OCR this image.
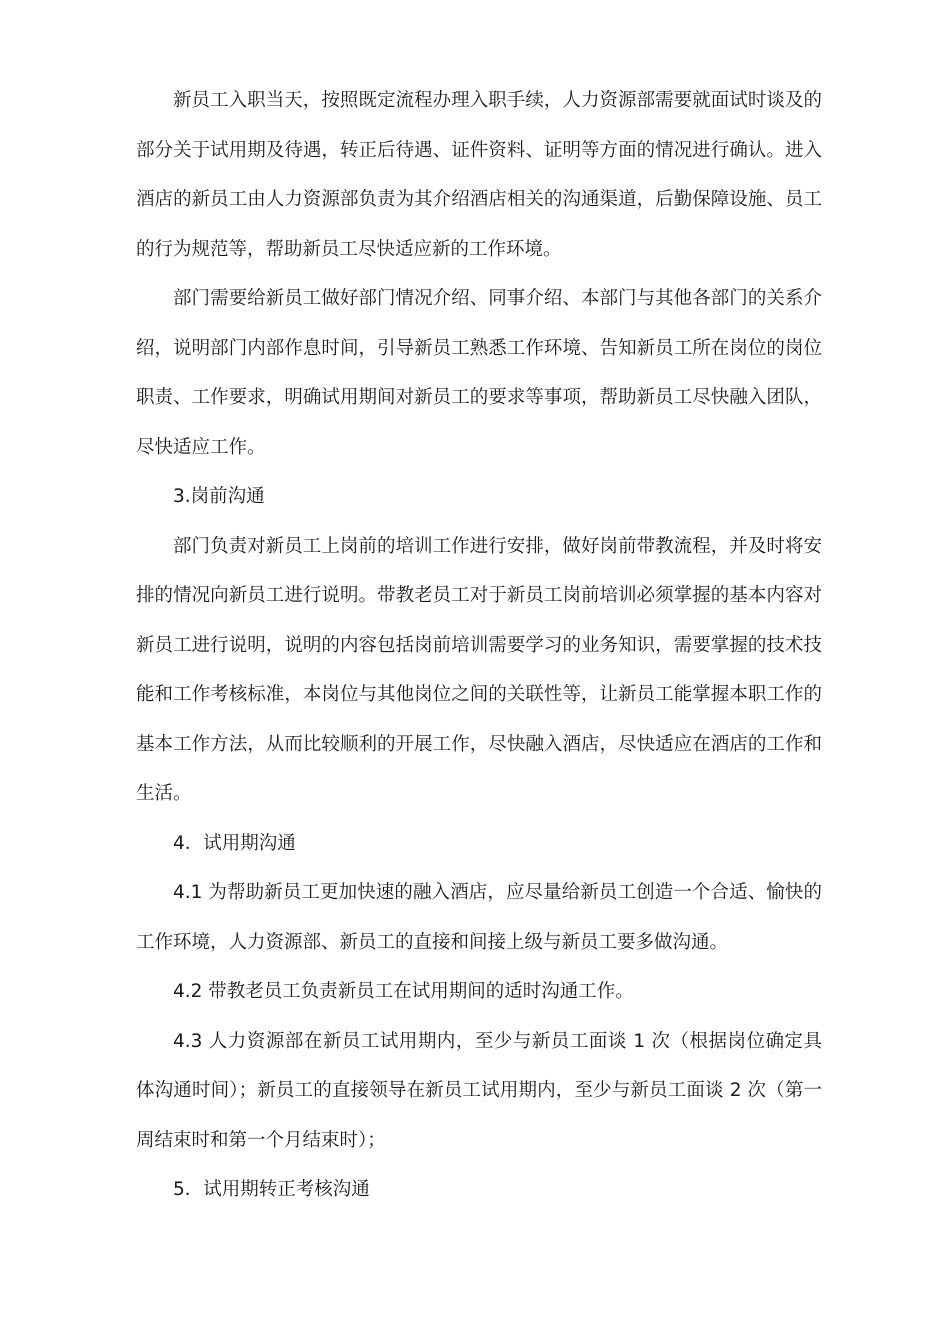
新员工入职当天，按照既定流程办理入职手续，人力资源部需要就面试时谈及的部分关于试用期及待遇，转正后待遇、证件资料、证明等方面的情况进行确认。进入酒店的新员工由人力资源部负责为其介绍酒店相关的沟通渠道，后勤保障设施、员工的行为规范等，帮助新员工尽快适应新的工作环境。

部门需要给新员工做好部门情况介绍、同事介绍、本部门与其他各部门的关系介绍，说明部门内部作息时间，引导新员工熟悉工作环境、告知新员工所在岗位的岗位职责、工作要求，明确试用期间对新员工的要求等事项，帮助新员工尽快融入团队，尽快适应工作。

3.岗前沟通

部门负责对新员工上岗前的培训工作进行安排，做好岗前带教流程，并及时将安排的情况向新员工进行说明。带教老员工对于新员工岗前培训必须掌握的基本内容对新员工进行说明，说明的内容包括岗前培训需要学习的业务知识，需要掌握的技术技能和工作考核标准，本岗位与其他岗位之间的关联性等，让新员工能掌握本职工作的基本工作方法，从而比较顺利的开展工作，尽快融入酒店，尽快适应在酒店的工作和生活。

4．试用期沟通

4.1 为帮助新员工更加快速的融入酒店，应尽量给新员工创造一个合适、愉快的工作环境，人力资源部、新员工的直接和间接上级与新员工要多做沟通。

4.2 带教老员工负责新员工在试用期间的适时沟通工作。

4.3 人力资源部在新员工试用期内，至少与新员工面谈 1 次（根据岗位确定具体沟通时间）；新员工的直接领导在新员工试用期内，至少与新员工面谈 2 次（第一周结束时和第一个月结束时）；

5．试用期转正考核沟通
